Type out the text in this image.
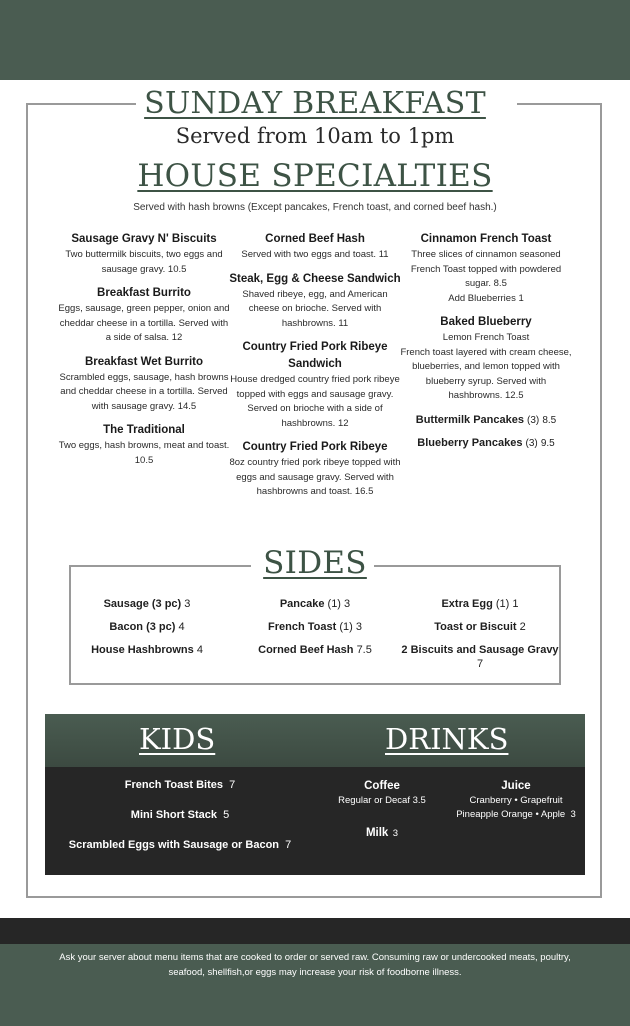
SUNDAY BREAKFAST
Served from 10am to 1pm
HOUSE SPECIALTIES
Served with hash browns (Except pancakes, French toast, and corned beef hash.)
Sausage Gravy N' Biscuits
Two buttermilk biscuits, two eggs and sausage gravy. 10.5
Breakfast Burrito
Eggs, sausage, green pepper, onion and cheddar cheese in a tortilla. Served with a side of salsa. 12
Breakfast Wet Burrito
Scrambled eggs, sausage, hash browns and cheddar cheese in a tortilla. Served with sausage gravy. 14.5
The Traditional
Two eggs, hash browns, meat and toast. 10.5
Corned Beef Hash
Served with two eggs and toast. 11
Steak, Egg & Cheese Sandwich
Shaved ribeye, egg, and American cheese on brioche. Served with hashbrowns. 11
Country Fried Pork Ribeye Sandwich
House dredged country fried pork ribeye topped with eggs and sausage gravy. Served on brioche with a side of hashbrowns. 12
Country Fried Pork Ribeye
8oz country fried pork ribeye topped with eggs and sausage gravy. Served with hashbrowns and toast. 16.5
Cinnamon French Toast
Three slices of cinnamon seasoned French Toast topped with powdered sugar. 8.5
Add Blueberries 1
Baked Blueberry
Lemon French Toast
French toast layered with cream cheese, blueberries, and lemon topped with blueberry syrup. Served with hashbrowns. 12.5
Buttermilk Pancakes (3) 8.5
Blueberry Pancakes (3) 9.5
SIDES
Sausage (3 pc) 3
Bacon (3 pc) 4
House Hashbrowns 4
Pancake (1) 3
French Toast (1) 3
Corned Beef Hash 7.5
Extra Egg (1) 1
Toast or Biscuit 2
2 Biscuits and Sausage Gravy 7
KIDS	DRINKS
French Toast Bites 7
Mini Short Stack 5
Scrambled Eggs with Sausage or Bacon 7
Coffee
Regular or Decaf 3.5
Milk 3
Juice
Cranberry • Grapefruit
Pineapple Orange • Apple 3
Ask your server about menu items that are cooked to order or served raw. Consuming raw or undercooked meats, poultry, seafood, shellfish,or eggs may increase your risk of foodborne illness.
